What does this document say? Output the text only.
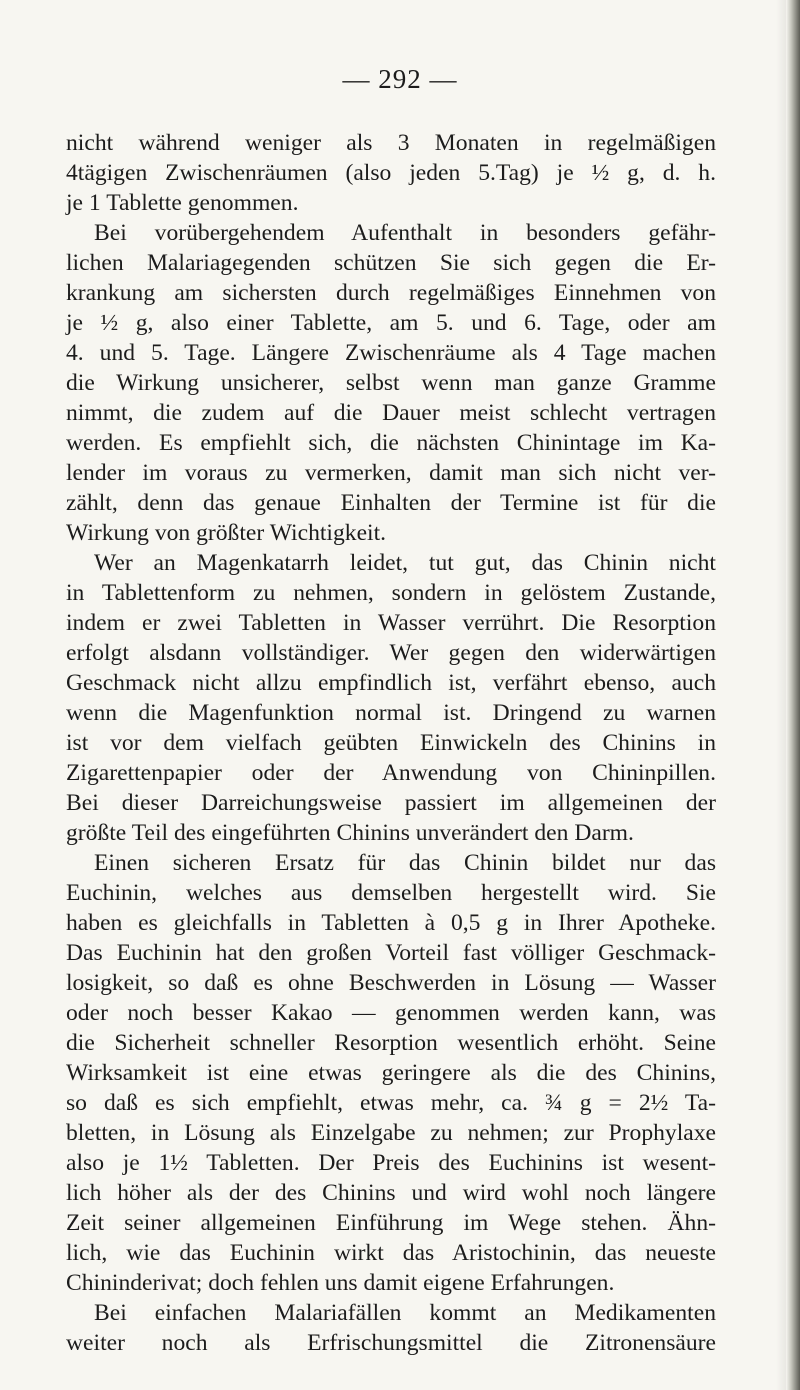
— 292 —
nicht während weniger als 3 Monaten in regelmäßigen
4tägigen Zwischenräumen (also jeden 5.Tag) je ½ g, d. h.
je 1 Tablette genommen.
Bei vorübergehendem Aufenthalt in besonders gefähr-
lichen Malariagegenden schützen Sie sich gegen die Er-
krankung am sichersten durch regelmäßiges Einnehmen von
je ½ g, also einer Tablette, am 5. und 6. Tage, oder am
4. und 5. Tage. Längere Zwischenräume als 4 Tage machen
die Wirkung unsicherer, selbst wenn man ganze Gramme
nimmt, die zudem auf die Dauer meist schlecht vertragen
werden. Es empfiehlt sich, die nächsten Chinintage im Ka-
lender im voraus zu vermerken, damit man sich nicht ver-
zählt, denn das genaue Einhalten der Termine ist für die
Wirkung von größter Wichtigkeit.
Wer an Magenkatarrh leidet, tut gut, das Chinin nicht
in Tablettenform zu nehmen, sondern in gelöstem Zustande,
indem er zwei Tabletten in Wasser verrührt. Die Resorption
erfolgt alsdann vollständiger. Wer gegen den widerwärtigen
Geschmack nicht allzu empfindlich ist, verfährt ebenso, auch
wenn die Magenfunktion normal ist. Dringend zu warnen
ist vor dem vielfach geübten Einwickeln des Chinins in
Zigarettenpapier oder der Anwendung von Chininpillen.
Bei dieser Darreichungsweise passiert im allgemeinen der
größte Teil des eingeführten Chinins unverändert den Darm.
Einen sicheren Ersatz für das Chinin bildet nur das
Euchinin, welches aus demselben hergestellt wird. Sie
haben es gleichfalls in Tabletten à 0,5 g in Ihrer Apotheke.
Das Euchinin hat den großen Vorteil fast völliger Geschmack-
losigkeit, so daß es ohne Beschwerden in Lösung — Wasser
oder noch besser Kakao — genommen werden kann, was
die Sicherheit schneller Resorption wesentlich erhöht. Seine
Wirksamkeit ist eine etwas geringere als die des Chinins,
so daß es sich empfiehlt, etwas mehr, ca. ¾ g = 2½ Ta-
bletten, in Lösung als Einzelgabe zu nehmen; zur Prophylaxe
also je 1½ Tabletten. Der Preis des Euchinins ist wesent-
lich höher als der des Chinins und wird wohl noch längere
Zeit seiner allgemeinen Einführung im Wege stehen. Ähn-
lich, wie das Euchinin wirkt das Aristochinin, das neueste
Chininderivat; doch fehlen uns damit eigene Erfahrungen.
Bei einfachen Malariafällen kommt an Medikamenten
weiter noch als Erfrischungsmittel die Zitronensäure
